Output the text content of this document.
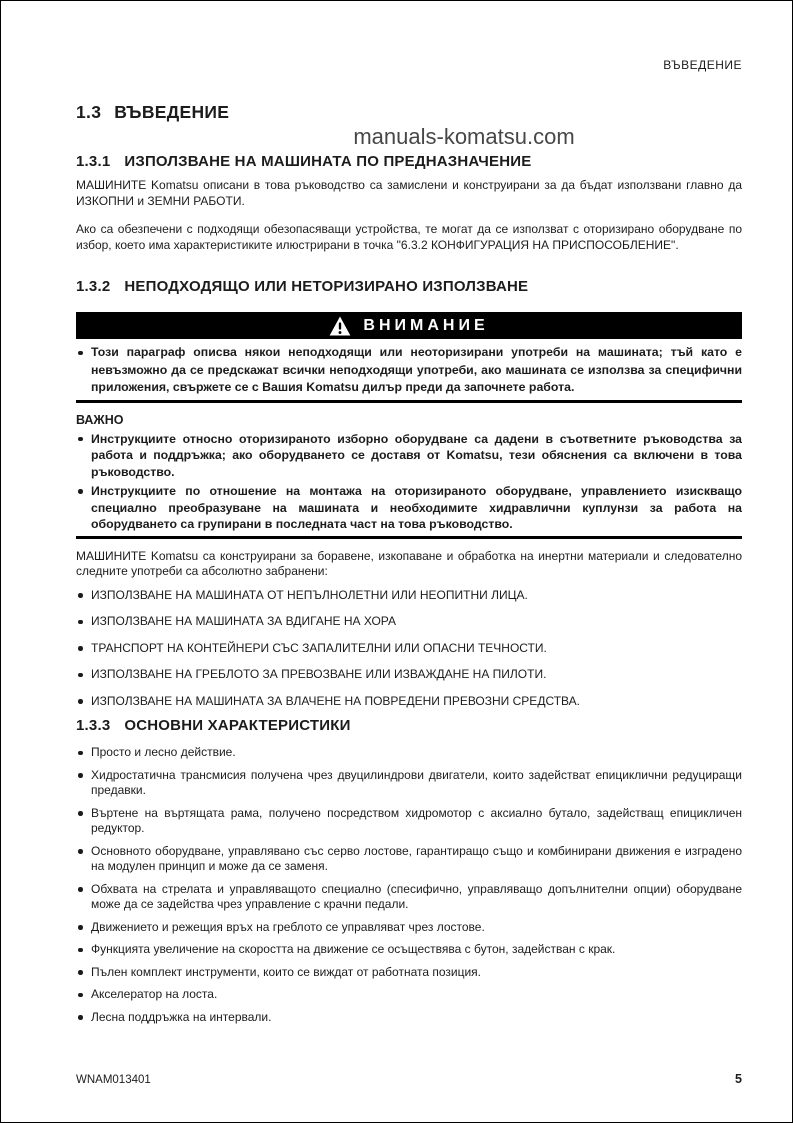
ВЪВЕДЕНИЕ
1.3 ВЪВЕДЕНИЕ
manuals-komatsu.com
1.3.1 ИЗПОЛЗВАНЕ НА МАШИНАТА ПО ПРЕДНАЗНАЧЕНИЕ

МАШИНИТЕ Komatsu описани в това ръководство са замислени и конструирани за да бъдат използвани главно да ИЗКОПНИ и ЗЕМНИ РАБОТИ.

Ако са обезпечени с подходящи обезопасяващи устройства, те могат да се използват с оторизирано оборудване по избор, което има характеристиките илюстрирани в точка "6.3.2 КОНФИГУРАЦИЯ НА ПРИСПОСОБЛЕНИЕ".

1.3.2 НЕПОДХОДЯЩО ИЛИ НЕТОРИЗИРАНО ИЗПОЛЗВАНЕ
ВНИМАНИЕ
Този параграф описва някои неподходящи или неоторизирани употреби на машината; тъй като е невъзможно да се предскажат всички неподходящи употреби, ако машината се използва за специфични приложения, свържете се с Вашия Komatsu дилър преди да започнете работа.
ВАЖНО
Инструкциите относно оторизираното изборно оборудване са дадени в съответните ръководства за работа и поддръжка; ако оборудването се доставя от Komatsu, тези обяснения са включени в това ръководство.
Инструкциите по отношение на монтажа на оторизираното оборудване, управлението изискващо специално преобразуване на машината и необходимите хидравлични куплунзи за работа на оборудването са групирани в последната част на това ръководство.

МАШИНИТЕ Komatsu са конструирани за боравене, изкопаване и обработка на инертни материали и следователно следните употреби са абсолютно забранени:

ИЗПОЛЗВАНЕ НА МАШИНАТА ОТ НЕПЪЛНОЛЕТНИ ИЛИ НЕОПИТНИ ЛИЦА.
ИЗПОЛЗВАНЕ НА МАШИНАТА ЗА ВДИГАНЕ НА ХОРА
ТРАНСПОРТ НА КОНТЕЙНЕРИ СЪС ЗАПАЛИТЕЛНИ ИЛИ ОПАСНИ ТЕЧНОСТИ.
ИЗПОЛЗВАНЕ НА ГРЕБЛОТО ЗА ПРЕВОЗВАНЕ ИЛИ ИЗВАЖДАНЕ НА ПИЛОТИ.
ИЗПОЛЗВАНЕ НА МАШИНАТА ЗА ВЛАЧЕНЕ НА ПОВРЕДЕНИ ПРЕВОЗНИ СРЕДСТВА.
1.3.3 ОСНОВНИ ХАРАКТЕРИСТИКИ
Просто и лесно действие.
Хидростатична трансмисия получена чрез двуцилиндрови двигатели, които задействат епициклични редуциращи предавки.
Въртене на въртящата рама, получено посредством хидромотор с аксиално бутало, задействащ епицикличен редуктор.
Основното оборудване, управлявано със серво лостове, гарантиращо също и комбинирани движения е изградено на модулен принцип и може да се заменя.
Обхвата на стрелата и управляващото специално (спесифично, управляващо допълнителни опции) оборудване може да се задейства чрез управление с крачни педали.
Движението и режещия връх на греблото се управляват чрез лостове.
Функцията увеличение на скоростта на движение се осъществява с бутон, задействан с крак.
Пълен комплект инструменти, които се виждат от работната позиция.
Акселератор на лоста.
Лесна поддръжка на интервали.
WNAM013401	5
